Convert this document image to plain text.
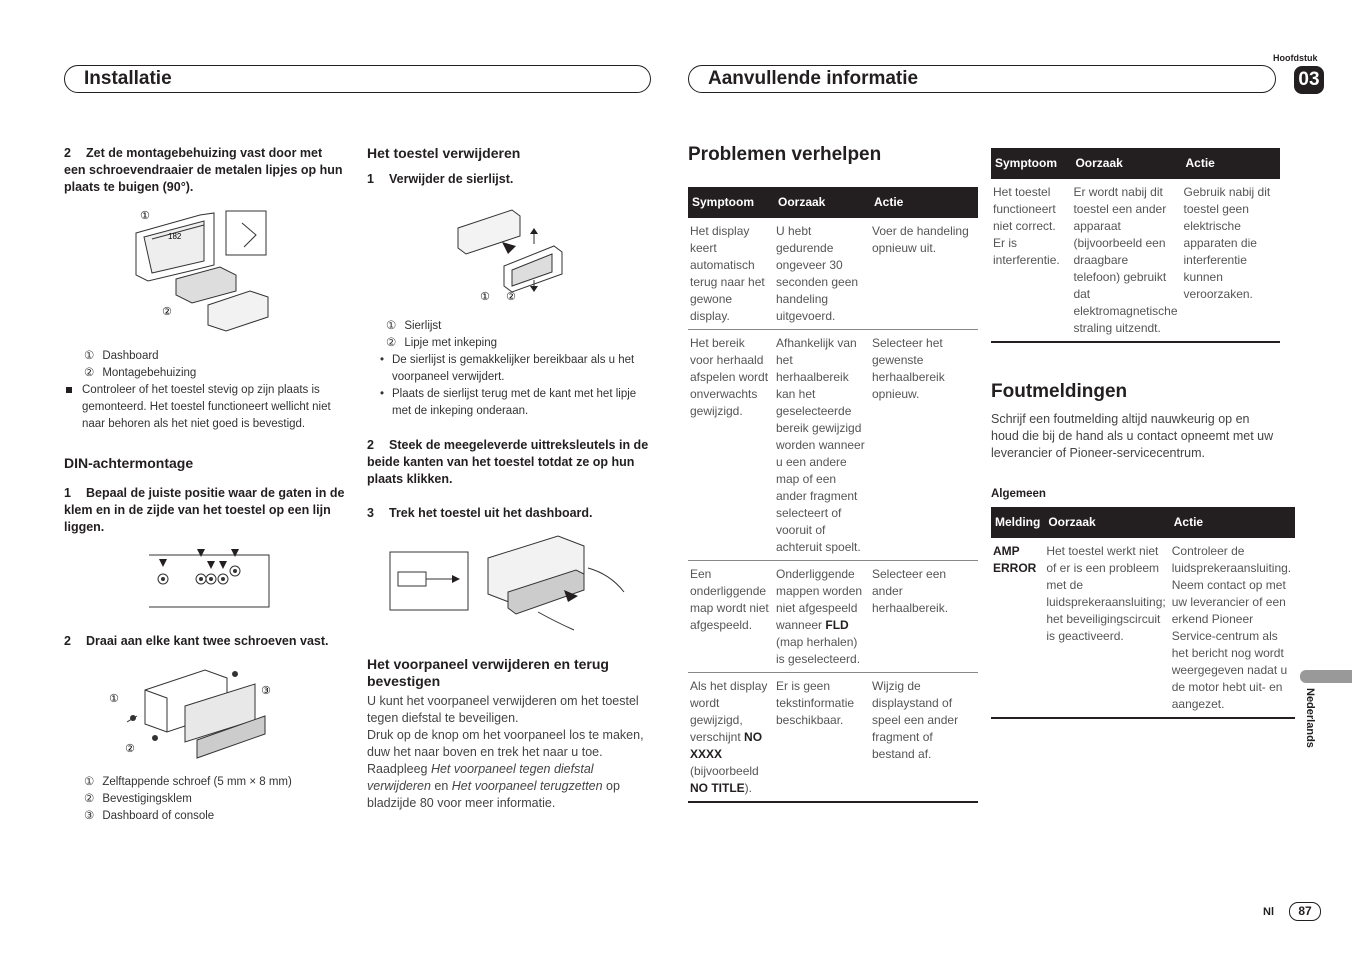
Installatie	Aanvullende informatie
Hoofdstuk
03
2 Zet de montagebehuizing vast door met een schroevendraaier de metalen lipjes op hun plaats te buigen (90°).
182
①
②
① Dashboard
② Montagebehuizing
Controleer of het toestel stevig op zijn plaats is gemonteerd. Het toestel functioneert wellicht niet naar behoren als het niet goed is bevestigd.
DIN-achtermontage
1 Bepaal de juiste positie waar de gaten in de klem en in de zijde van het toestel op een lijn liggen.
2 Draai aan elke kant twee schroeven vast.
①
②
③
① Zelftappende schroef (5 mm × 8 mm)
② Bevestigingsklem
③ Dashboard of console
Het toestel verwijderen
1 Verwijder de sierlijst.
① ②
① Sierlijst
② Lipje met inkeping
• De sierlijst is gemakkelijker bereikbaar als u het voorpaneel verwijdert.
• Plaats de sierlijst terug met de kant met het lipje met de inkeping onderaan.
2 Steek de meegeleverde uittreksleutels in de beide kanten van het toestel totdat ze op hun plaats klikken.
3 Trek het toestel uit het dashboard.
Het voorpaneel verwijderen en terug bevestigen
U kunt het voorpaneel verwijderen om het toestel tegen diefstal te beveiligen.
Druk op de knop om het voorpaneel los te maken, duw het naar boven en trek het naar u toe.
Raadpleeg Het voorpaneel tegen diefstal verwijderen en Het voorpaneel terugzetten op bladzijde 80 voor meer informatie.
Problemen verhelpen
Symptoom	Oorzaak	Actie
Het display keert automatisch terug naar het gewone display.	U hebt gedurende ongeveer 30 seconden geen handeling uitgevoerd.	Voer de handeling opnieuw uit.
Het bereik voor herhaald afspelen wordt onverwachts gewijzigd.	Afhankelijk van het herhaalbereik kan het geselecteerde bereik gewijzigd worden wanneer u een andere map of een ander fragment selecteert of vooruit of achteruit spoelt.	Selecteer het gewenste herhaalbereik opnieuw.
Een onderliggende map wordt niet afgespeeld.	Onderliggende mappen worden niet afgespeeld wanneer FLD (map herhalen) is geselecteerd.	Selecteer een ander herhaalbereik.
Als het display wordt gewijzigd, verschijnt NO XXXX (bijvoorbeeld NO TITLE).	Er is geen tekstinformatie beschikbaar.	Wijzig de displaystand of speel een ander fragment of bestand af.
Symptoom	Oorzaak	Actie
Het toestel functioneert niet correct. Er is interferentie.	Er wordt nabij dit toestel een ander apparaat (bijvoorbeeld een draagbare telefoon) gebruikt dat elektromagnetische straling uitzendt.	Gebruik nabij dit toestel geen elektrische apparaten die interferentie kunnen veroorzaken.
Foutmeldingen
Schrijf een foutmelding altijd nauwkeurig op en houd die bij de hand als u contact opneemt met uw leverancier of Pioneer-servicecentrum.
Algemeen
Melding	Oorzaak	Actie
AMP ERROR	Het toestel werkt niet of er is een probleem met de luidsprekeraansluiting; het beveiligingscircuit is geactiveerd.	Controleer de luidsprekeraansluiting. Neem contact op met uw leverancier of een erkend Pioneer Service-centrum als het bericht nog wordt weergegeven nadat u de motor hebt uit- en aangezet.	Nederlands
Nl	87
